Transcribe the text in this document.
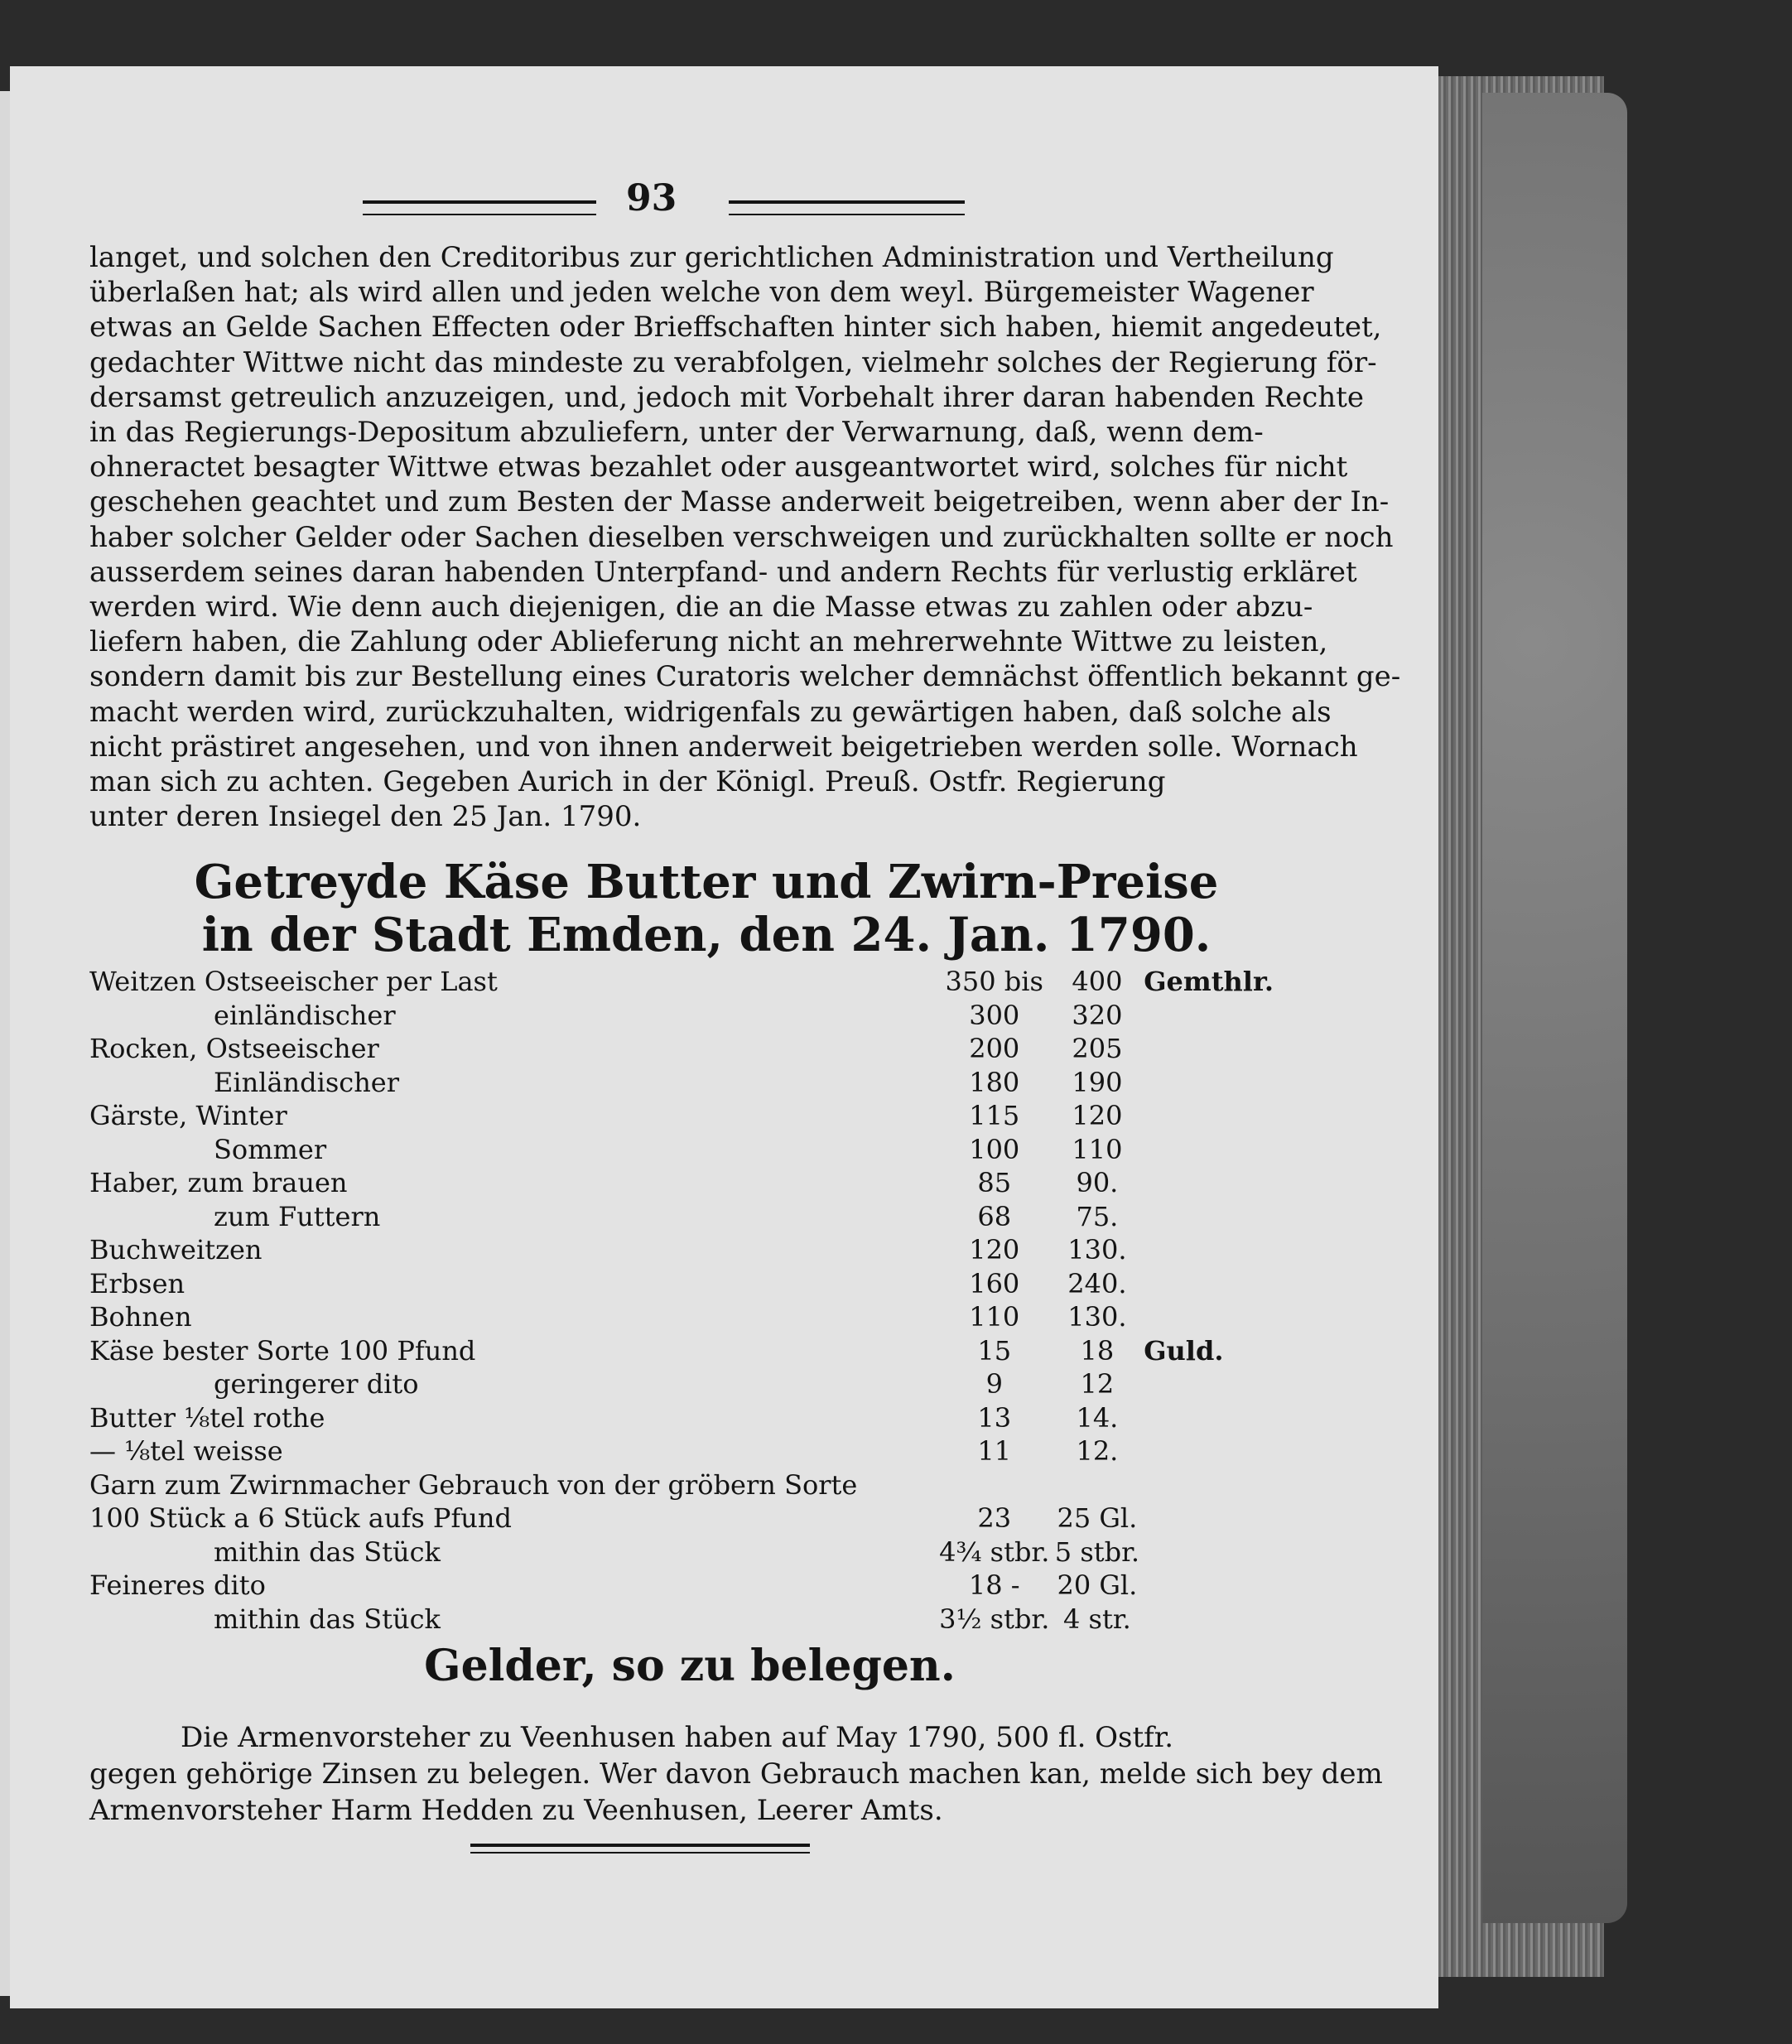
93
langet, und solchen den Creditoribus zur gerichtlichen Administration und Vertheilung
überlaßen hat; als wird allen und jeden welche von dem weyl. Bürgemeister Wagener
etwas an Gelde Sachen Effecten oder Brieffschaften hinter sich haben, hiemit angedeutet,
gedachter Wittwe nicht das mindeste zu verabfolgen, vielmehr solches der Regierung för-
dersamst getreulich anzuzeigen, und, jedoch mit Vorbehalt ihrer daran habenden Rechte
in das Regierungs-Depositum abzuliefern, unter der Verwarnung, daß, wenn dem-
ohneractet besagter Wittwe etwas bezahlet oder ausgeantwortet wird, solches für nicht
geschehen geachtet und zum Besten der Masse anderweit beigetreiben, wenn aber der In-
haber solcher Gelder oder Sachen dieselben verschweigen und zurückhalten sollte er noch
ausserdem seines daran habenden Unterpfand- und andern Rechts für verlustig erkläret
werden wird. Wie denn auch diejenigen, die an die Masse etwas zu zahlen oder abzu-
liefern haben, die Zahlung oder Ablieferung nicht an mehrerwehnte Wittwe zu leisten,
sondern damit bis zur Bestellung eines Curatoris welcher demnächst öffentlich bekannt ge-
macht werden wird, zurückzuhalten, widrigenfals zu gewärtigen haben, daß solche als
nicht prästiret angesehen, und von ihnen anderweit beigetrieben werden solle. Wornach
man sich zu achten. Gegeben Aurich in der Königl. Preuß. Ostfr. Regierung
unter deren Insiegel den 25 Jan. 1790.
Getreyde Käse Butter und Zwirn-Preise
in der Stadt Emden, den 24. Jan. 1790.
Weitzen Ostseeischer per Last	350 bis	400	Gemthlr.
einländischer	300	320	
Rocken, Ostseeischer	200	205	
Einländischer	180	190	
Gärste, Winter	115	120	
Sommer	100	110	
Haber, zum brauen	85	90.	
zum Futtern	68	75.	
Buchweitzen	120	130.	
Erbsen	160	240.	
Bohnen	110	130.	
Käse bester Sorte 100 Pfund	15	18	Guld.
geringerer dito	9	12	
Butter ⅛tel rothe	13	14.	
— ⅛tel weisse	11	12.	
Garn zum Zwirnmacher Gebrauch von der gröbern Sorte			
100 Stück a 6 Stück aufs Pfund	23	25 Gl.	
mithin das Stück	4¾ stbr.	5 stbr.	
Feineres dito	18 -	20 Gl.	
mithin das Stück	3½ stbr.	4 str.	
Gelder, so zu belegen.
Die Armenvorsteher zu Veenhusen haben auf May 1790, 500 fl. Ostfr.
gegen gehörige Zinsen zu belegen. Wer davon Gebrauch machen kan, melde sich bey dem
Armenvorsteher Harm Hedden zu Veenhusen, Leerer Amts.
